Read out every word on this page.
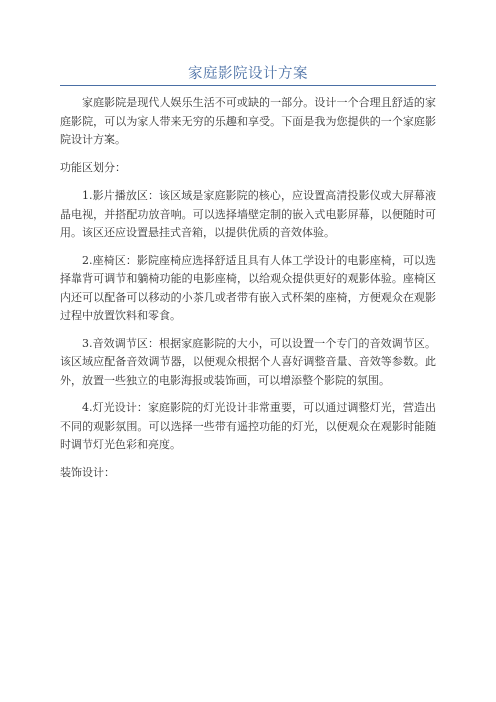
家庭影院设计方案

家庭影院是现代人娱乐生活不可或缺的一部分。设计一个合理且舒适的家庭影院，可以为家人带来无穷的乐趣和享受。下面是我为您提供的一个家庭影院设计方案。

功能区划分：

1.影片播放区：该区域是家庭影院的核心，应设置高清投影仪或大屏幕液晶电视，并搭配功放音响。可以选择墙壁定制的嵌入式电影屏幕，以便随时可用。该区还应设置悬挂式音箱，以提供优质的音效体验。

2.座椅区：影院座椅应选择舒适且具有人体工学设计的电影座椅，可以选择靠背可调节和躺椅功能的电影座椅，以给观众提供更好的观影体验。座椅区内还可以配备可以移动的小茶几或者带有嵌入式杯架的座椅，方便观众在观影过程中放置饮料和零食。

3.音效调节区：根据家庭影院的大小，可以设置一个专门的音效调节区。该区域应配备音效调节器，以便观众根据个人喜好调整音量、音效等参数。此外，放置一些独立的电影海报或装饰画，可以增添整个影院的氛围。

4.灯光设计：家庭影院的灯光设计非常重要，可以通过调整灯光，营造出不同的观影氛围。可以选择一些带有遥控功能的灯光，以便观众在观影时能随时调节灯光色彩和亮度。

装饰设计：
